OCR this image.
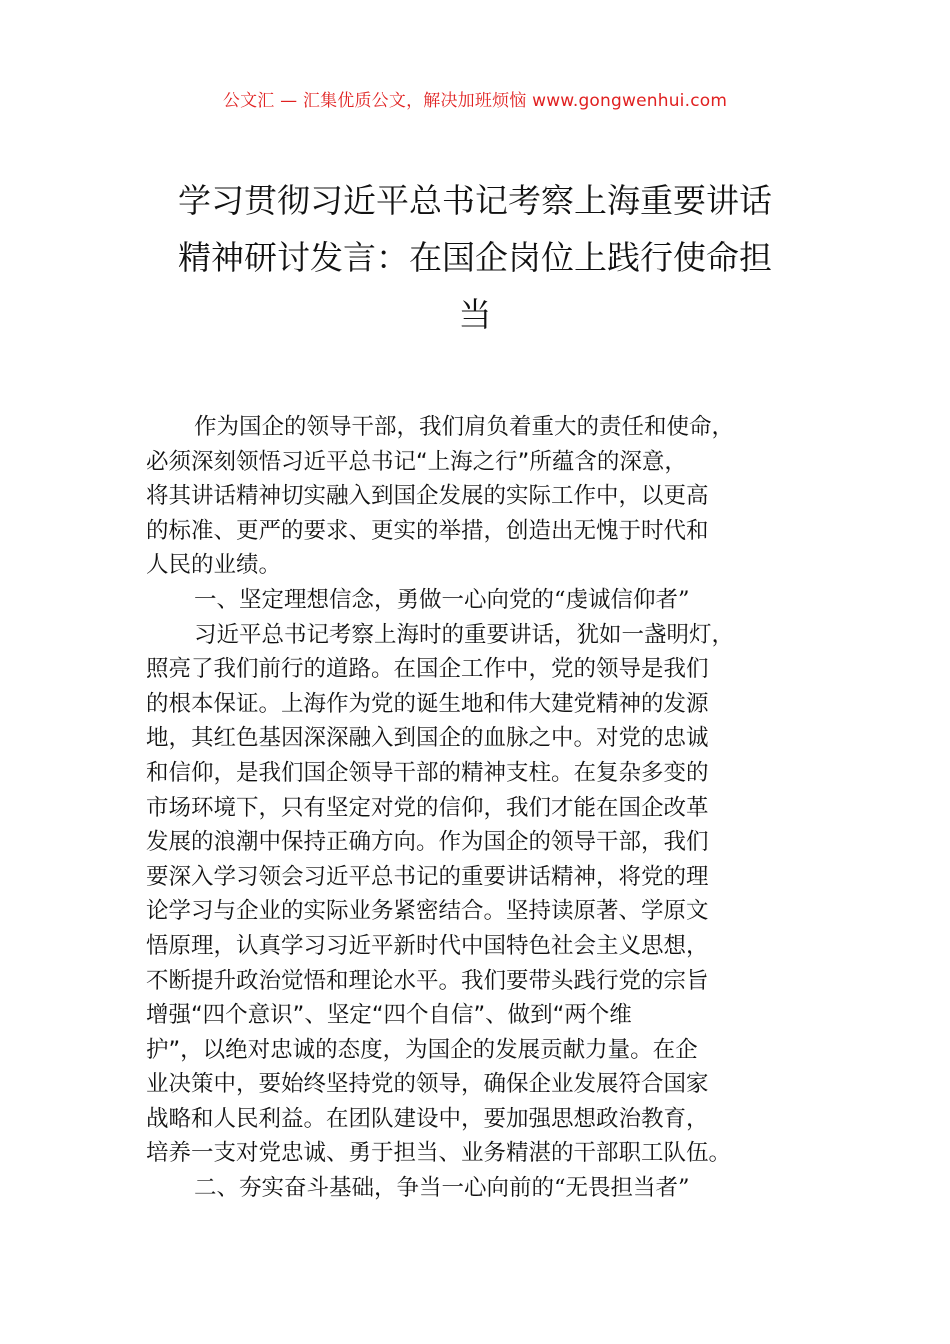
公文汇 — 汇集优质公文，解决加班烦恼 www.gongwenhui.com
学习贯彻习近平总书记考察上海重要讲话
精神研讨发言：在国企岗位上践行使命担
当

作为国企的领导干部，我们肩负着重大的责任和使命，
必须深刻领悟习近平总书记“上海之行”所蕴含的深意，
将其讲话精神切实融入到国企发展的实际工作中，以更高
的标准、更严的要求、更实的举措，创造出无愧于时代和
人民的业绩。

一、坚定理想信念，勇做一心向党的“虔诚信仰者”

习近平总书记考察上海时的重要讲话，犹如一盏明灯，
照亮了我们前行的道路。在国企工作中，党的领导是我们
的根本保证。上海作为党的诞生地和伟大建党精神的发源
地，其红色基因深深融入到国企的血脉之中。对党的忠诚
和信仰，是我们国企领导干部的精神支柱。在复杂多变的
市场环境下，只有坚定对党的信仰，我们才能在国企改革
发展的浪潮中保持正确方向。作为国企的领导干部，我们
要深入学习领会习近平总书记的重要讲话精神，将党的理
论学习与企业的实际业务紧密结合。坚持读原著、学原文
悟原理，认真学习习近平新时代中国特色社会主义思想，
不断提升政治觉悟和理论水平。我们要带头践行党的宗旨
增强“四个意识”、坚定“四个自信”、做到“两个维
护”，以绝对忠诚的态度，为国企的发展贡献力量。在企
业决策中，要始终坚持党的领导，确保企业发展符合国家
战略和人民利益。在团队建设中，要加强思想政治教育，
培养一支对党忠诚、勇于担当、业务精湛的干部职工队伍。

二、夯实奋斗基础，争当一心向前的“无畏担当者”
